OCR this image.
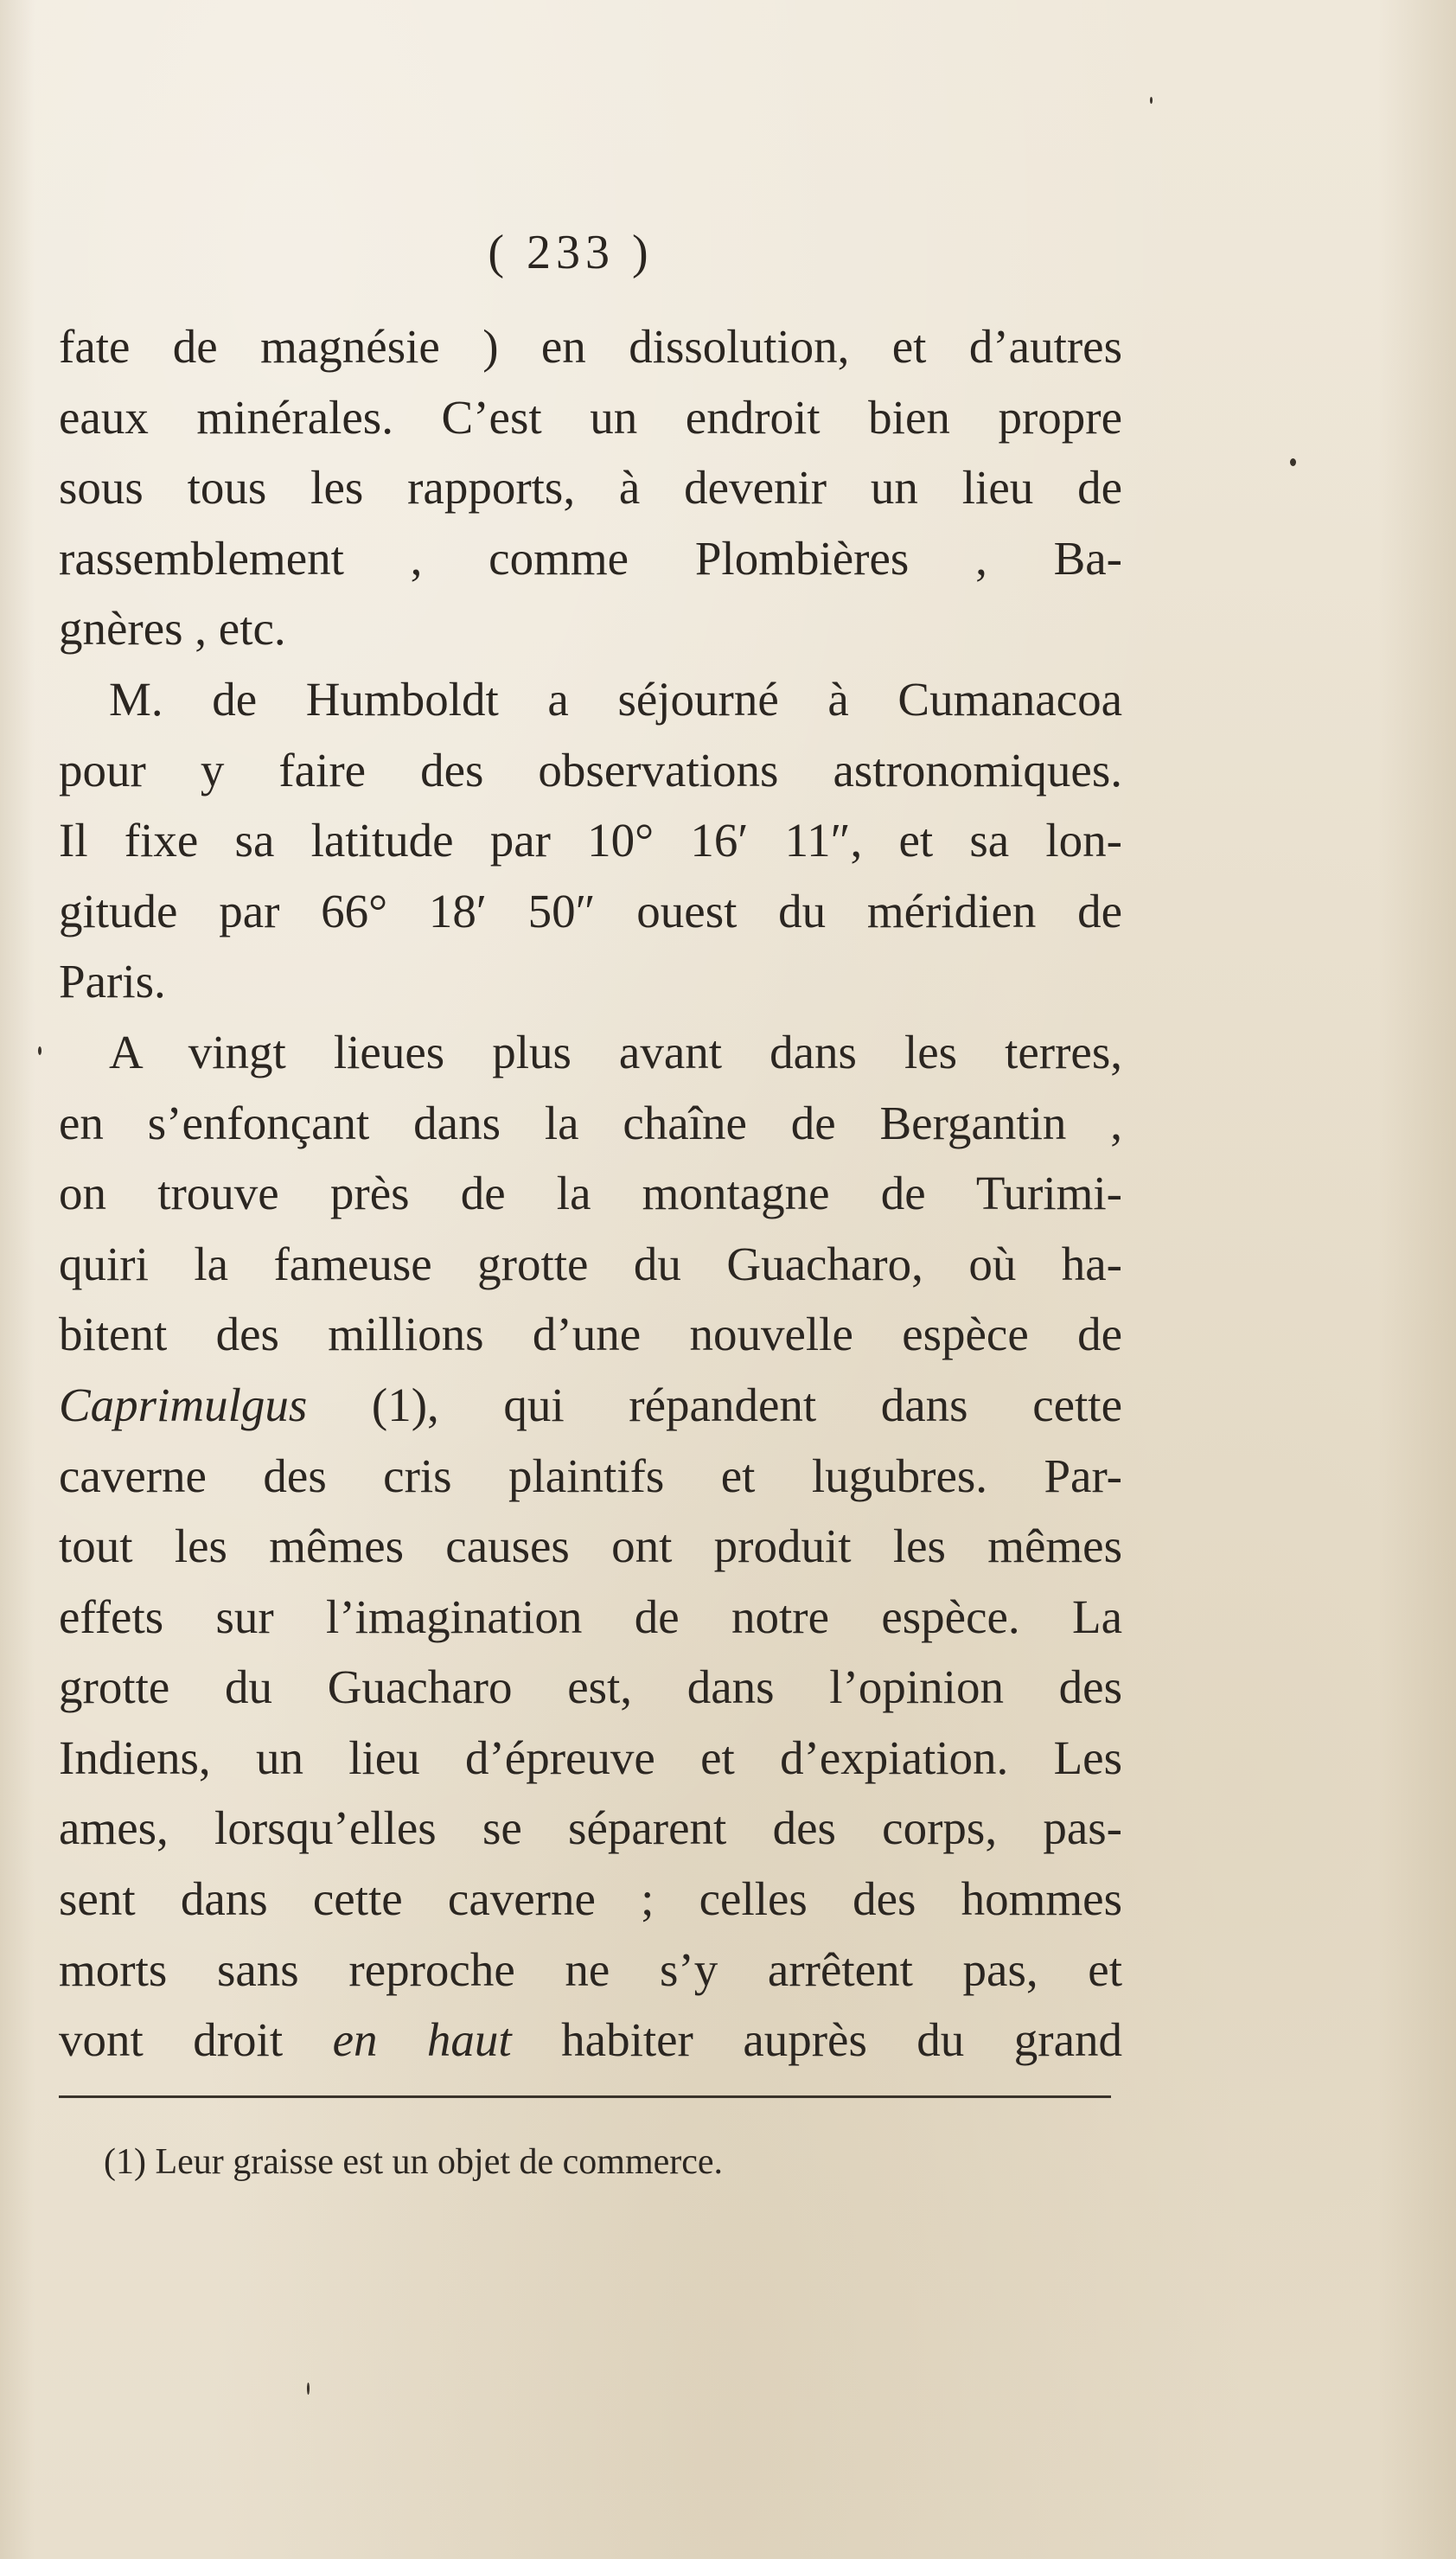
( 233 )
fate de magnésie ) en dissolution, et d’autres
eaux minérales. C’est un endroit bien propre
sous tous les rapports, à devenir un lieu de
rassemblement , comme Plombières , Ba-
gnères , etc.
M. de Humboldt a séjourné à Cumanacoa
pour y faire des observations astronomiques.
Il fixe sa latitude par 10° 16′ 11″, et sa lon-
gitude par 66° 18′ 50″ ouest du méridien de
Paris.
A vingt lieues plus avant dans les terres,
en s’enfonçant dans la chaîne de Bergantin ,
on trouve près de la montagne de Turimi-
quiri la fameuse grotte du Guacharo, où ha-
bitent des millions d’une nouvelle espèce de
Caprimulgus (1), qui répandent dans cette
caverne des cris plaintifs et lugubres. Par-
tout les mêmes causes ont produit les mêmes
effets sur l’imagination de notre espèce. La
grotte du Guacharo est, dans l’opinion des
Indiens, un lieu d’épreuve et d’expiation. Les
ames, lorsqu’elles se séparent des corps, pas-
sent dans cette caverne ; celles des hommes
morts sans reproche ne s’y arrêtent pas, et
vont droit en haut habiter auprès du grand
(1) Leur graisse est un objet de commerce.
